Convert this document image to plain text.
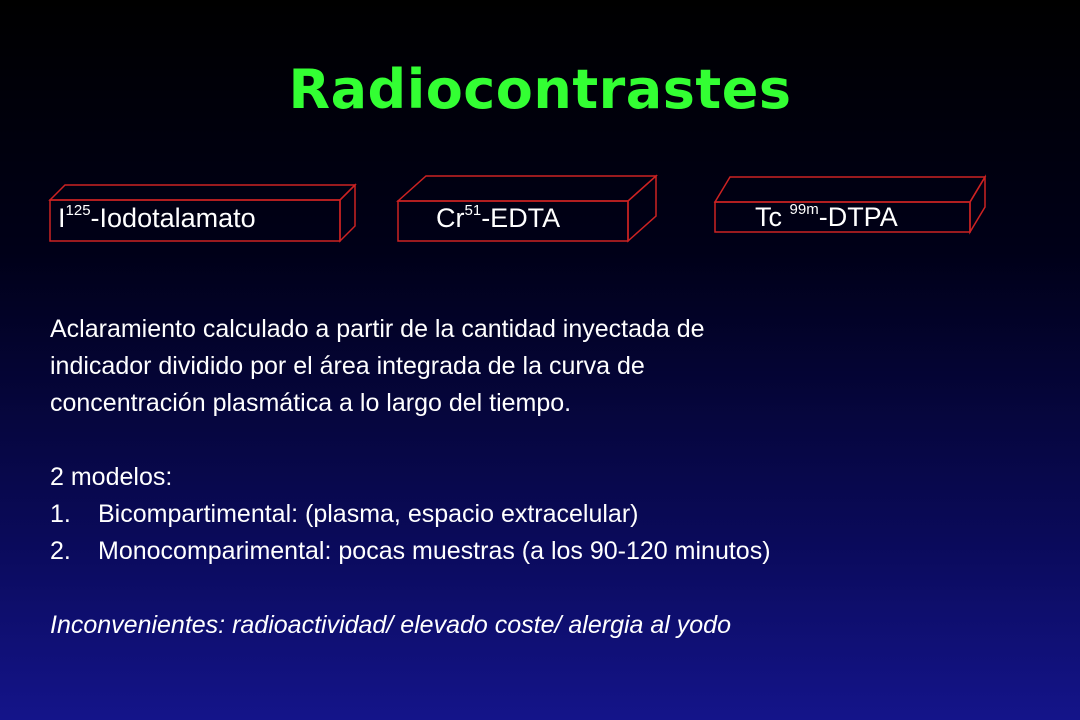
Radiocontrastes
$I^{125}$-Iodotalamato	Cr$^{51}$-EDTA	Tc $^{99m}$-DTPA

Aclaramiento calculado a partir de la cantidad inyectada de

indicador dividido por el área integrada de la curva de

concentración plasmática a lo largo del tiempo.

2 modelos:

1.	Bicompartimental: (plasma, espacio extracelular)
2.	Monocomparimental: pocas muestras (a los 90-120 minutos)

Inconvenientes: radioactividad/ elevado coste/ alergia al yodo
